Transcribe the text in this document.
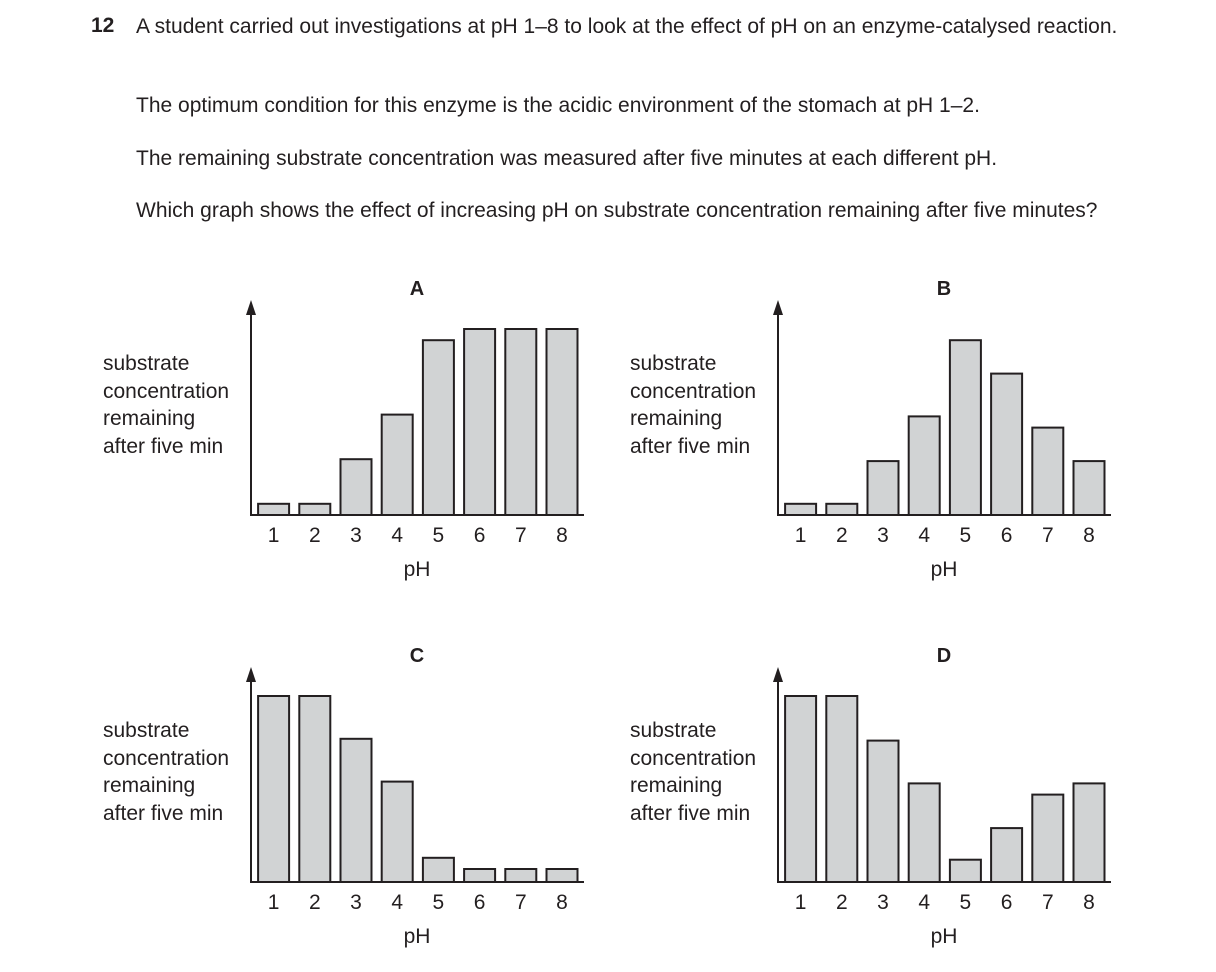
12 A student carried out investigations at pH 1–8 to look at the effect of pH on an enzyme-catalysed reaction.

The optimum condition for this enzyme is the acidic environment of the stomach at pH 1–2.

The remaining substrate concentration was measured after five minutes at each different pH.

Which graph shows the effect of increasing pH on substrate concentration remaining after five minutes?

A
substrate
concentration
remaining
after five min
pH
1 2 3 4 5 6 7 8
B
substrate
concentration
remaining
after five min
pH
1 2 3 4 5 6 7 8
C
substrate
concentration
remaining
after five min
pH
1 2 3 4 5 6 7 8
D
substrate
concentration
remaining
after five min
pH
1 2 3 4 5 6 7 8
